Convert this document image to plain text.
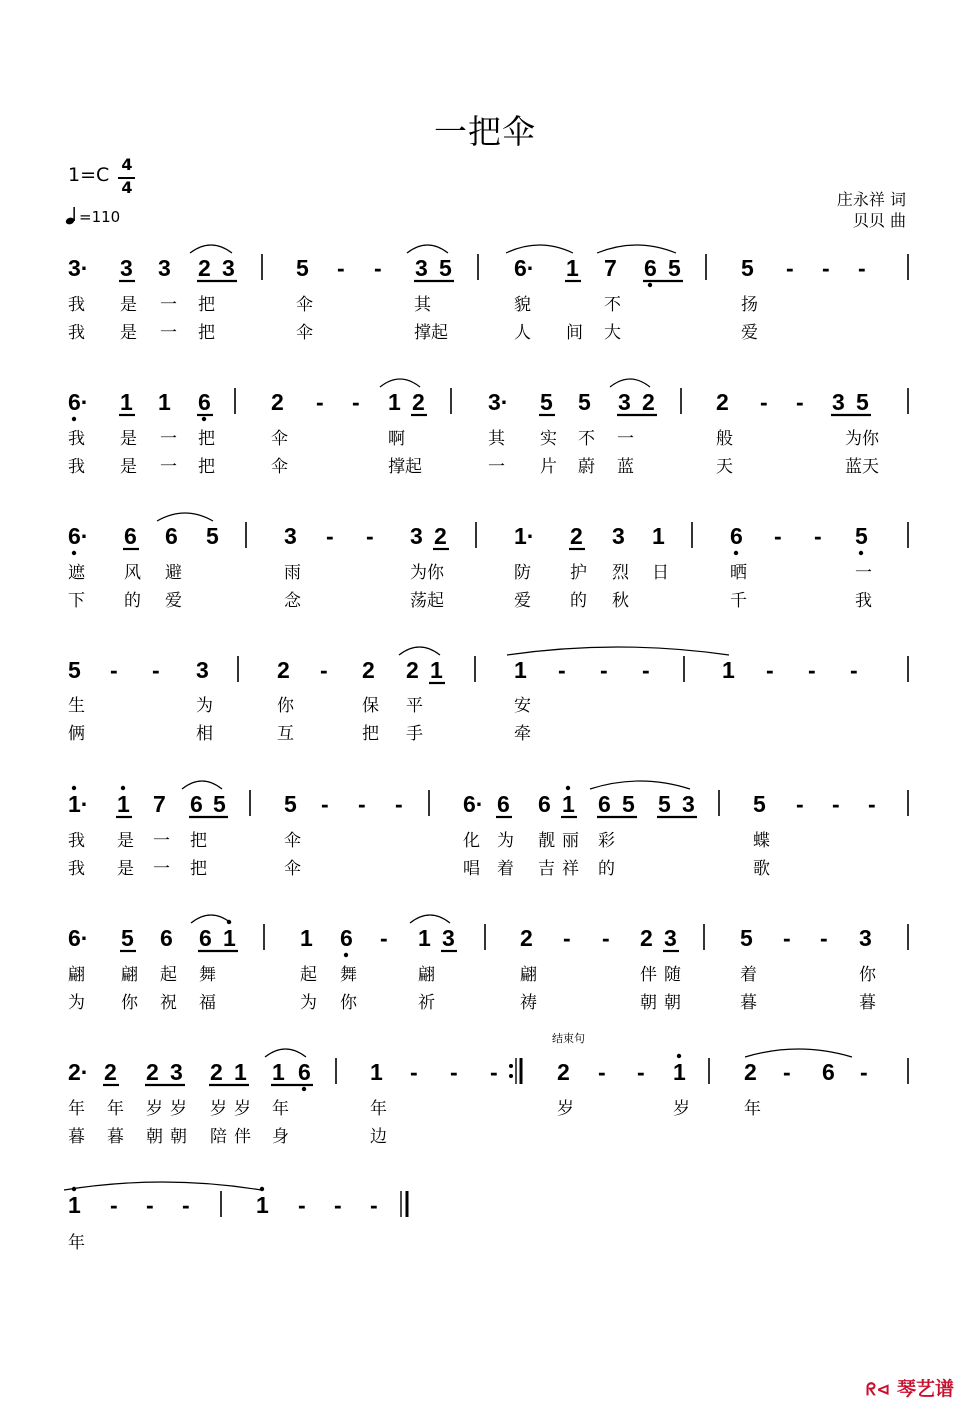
一把伞
1=C 4
4
=110
庄永祥 词
贝贝 曲
3· 3 3 2 3	5 - - 3 5	6· 1 7 6 5	5 - - -
6· 1 1 6	2 - - 1 2	3· 5 5 3 2	2 - - 3 5
6· 6 6 5	3 - - 3 2	1· 2 3 1	6 - - 5
5 - - 3	2 - 2 2 1	1 - - -	1 - - -
1· 1 7 6 5	5 - - -	6· 6 6 1 6 5 5 3	5 - - -
6· 5 6 6 1	1 6 - 1 3	2 - - 2 3	5 - - 3
2· 2 2 3 2 1 1 6	1 - - -	2 - - 1	2 - 6 -
1 - - -	1 - - -
结束句
我 是 一 把	伞	其	貌	不	扬
我 是 一 把	伞	撑起	人 间 大	爱
我 是 一 把	伞	啊	其 实 不 一	般	为你
我 是 一 把	伞	撑起	一 片 蔚 蓝	天	蓝天
遮 风 避	雨	为你	防 护 烈 日	晒	一
下 的 爱	念	荡起	爱 的 秋	千	我
生	为	你	保 平	安
俩	相	互	把 手	牵
我 是 一 把	伞	化 为 靓 丽 彩	蝶
我 是 一 把	伞	唱 着 吉 祥 的	歌
翩 翩 起 舞	起 舞	翩	翩	伴 随	着	你
为 你 祝 福	为 你	祈	祷	朝 朝	暮	暮
年 年 岁 岁 岁 岁 年	年	岁	岁	年
暮 暮 朝 朝 陪 伴 身	边
年
ᖇ⊲ 琴艺谱
